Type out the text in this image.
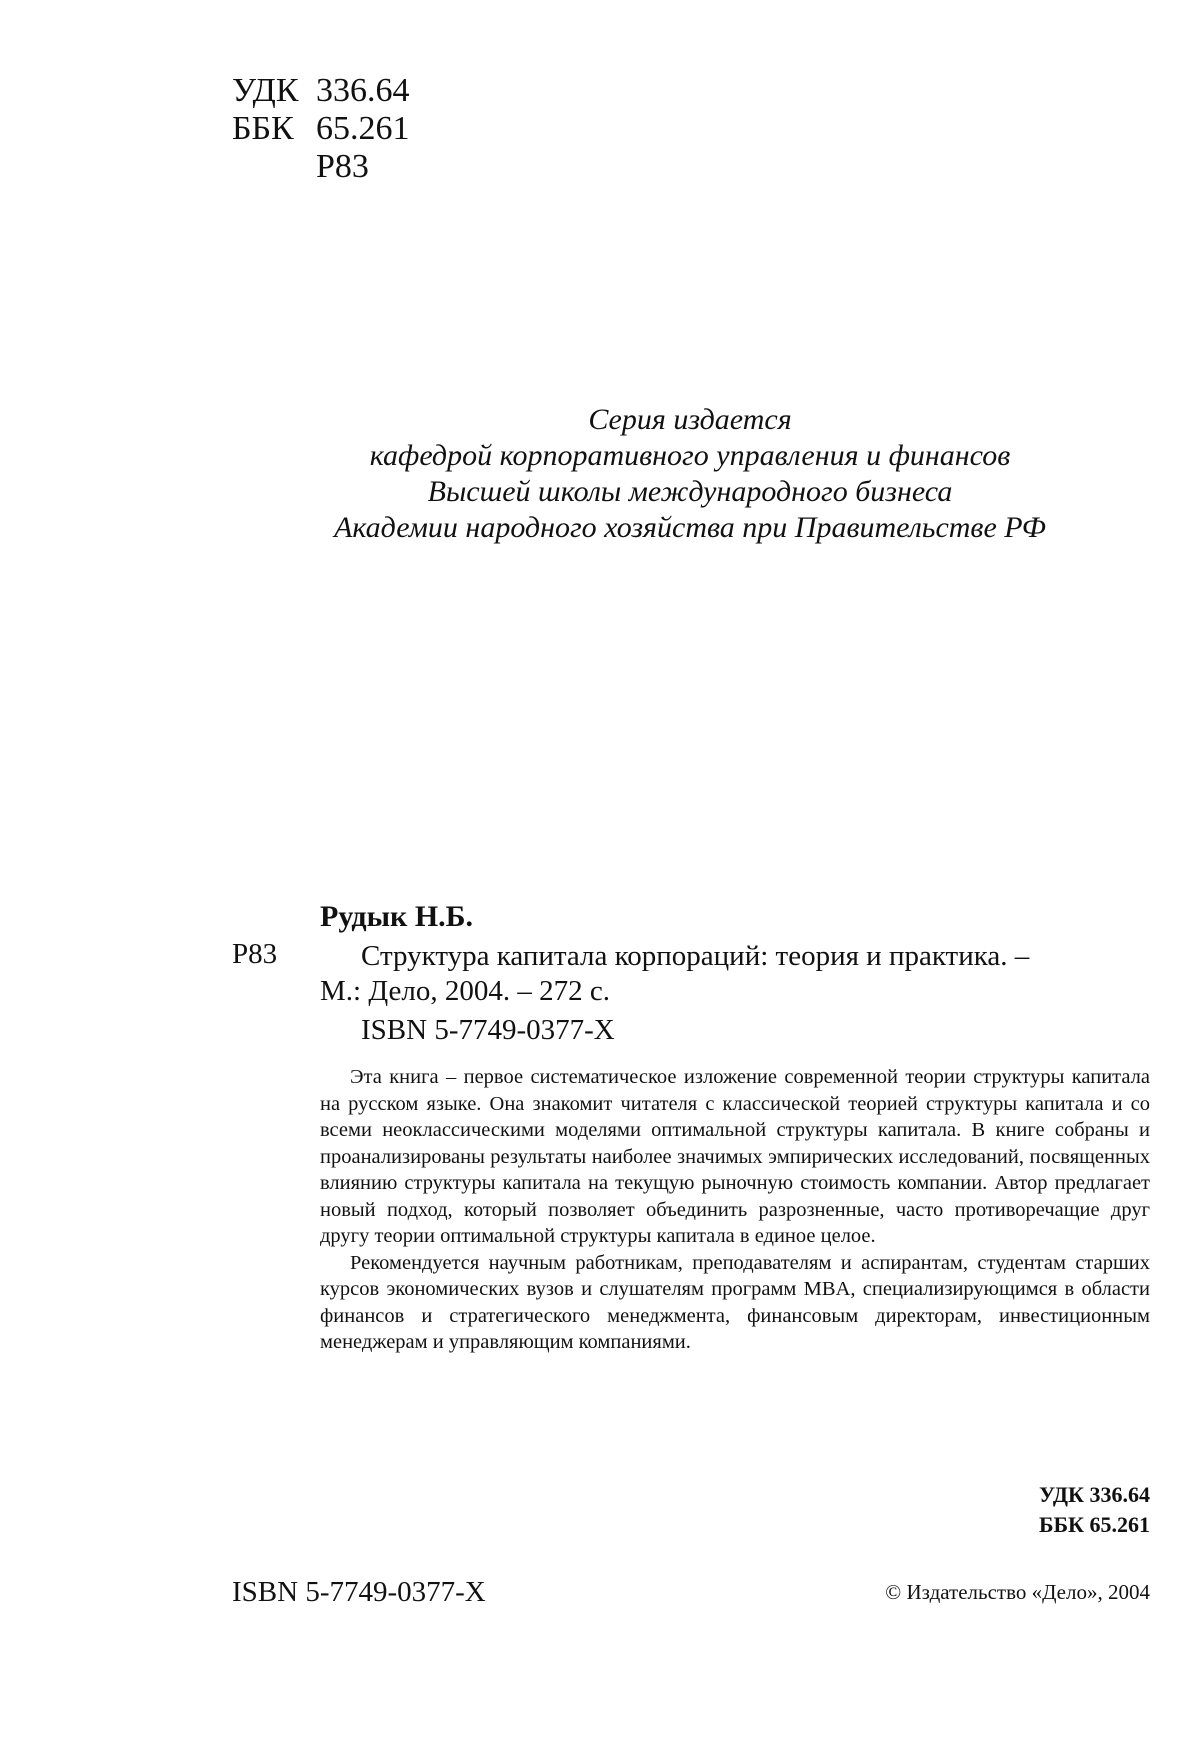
УДК 336.64
ББК 65.261
P83
Серия издается
кафедрой корпоративного управления и финансов
Высшей школы международного бизнеса
Академии народного хозяйства при Правительстве РФ
Рудык Н.Б.
P83	Структура капитала корпораций: теория и практика. –
М.: Дело, 2004. – 272 с.
ISBN 5-7749-0377-X

Эта книга – первое систематическое изложение современной теории структуры капитала на русском языке. Она знакомит читателя с классической теорией структуры капитала и со всеми неоклассическими моделями оптимальной структуры капитала. В книге собраны и проанализированы результаты наиболее значимых эмпирических исследований, посвященных влиянию структуры капитала на текущую рыночную стоимость компании. Автор предлагает новый подход, который позволяет объединить разрозненные, часто противоречащие друг другу теории оптимальной структуры капитала в единое целое.

Рекомендуется научным работникам, преподавателям и аспирантам, студентам старших курсов экономических вузов и слушателям программ MBA, специализирующимся в области финансов и стратегического менеджмента, финансовым директорам, инвестиционным менеджерам и управляющим компаниями.

УДК 336.64
ББК 65.261
ISBN 5-7749-0377-X	© Издательство «Дело», 2004
